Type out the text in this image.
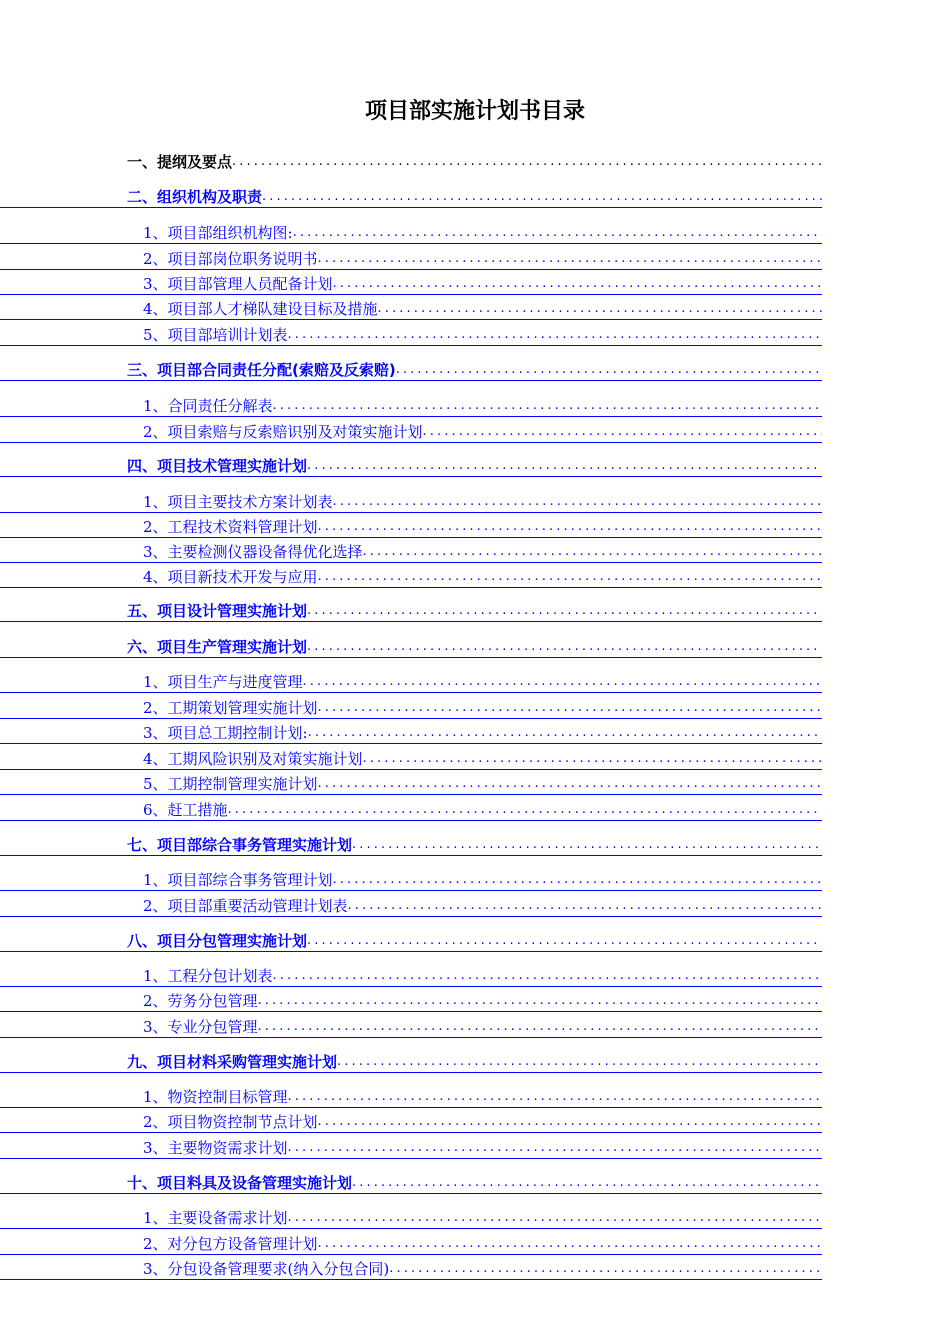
项目部实施计划书目录
一、提纲及要点
.....
二、组织机构及职责
.....
1、项目部组织机构图:
.....
2、项目部岗位职务说明书
.....
3、项目部管理人员配备计划
.....
4、项目部人才梯队建设目标及措施
.....
5、项目部培训计划表
.....
三、项目部合同责任分配(索赔及反索赔)
.....
1、合同责任分解表
.....
2、项目索赔与反索赔识别及对策实施计划
.....
四、项目技术管理实施计划
.....
1、项目主要技术方案计划表
.....
2、工程技术资料管理计划
.....
3、主要检测仪器设备得优化选择
.....
4、项目新技术开发与应用
.....
五、项目设计管理实施计划
.....
六、项目生产管理实施计划
.....
1、项目生产与进度管理
.....
2、工期策划管理实施计划
.....
3、项目总工期控制计划:
.....
4、工期风险识别及对策实施计划
.....
5、工期控制管理实施计划
.....
6、赶工措施
.....
七、项目部综合事务管理实施计划
.....
1、项目部综合事务管理计划
.....
2、项目部重要活动管理计划表
.....
八、项目分包管理实施计划
.....
1、工程分包计划表
.....
2、劳务分包管理
.....
3、专业分包管理
.....
九、项目材料采购管理实施计划
.....
1、物资控制目标管理
.....
2、项目物资控制节点计划
.....
3、主要物资需求计划
.....
十、项目料具及设备管理实施计划
.....
1、主要设备需求计划
.....
2、对分包方设备管理计划
.....
3、分包设备管理要求(纳入分包合同)
.....
